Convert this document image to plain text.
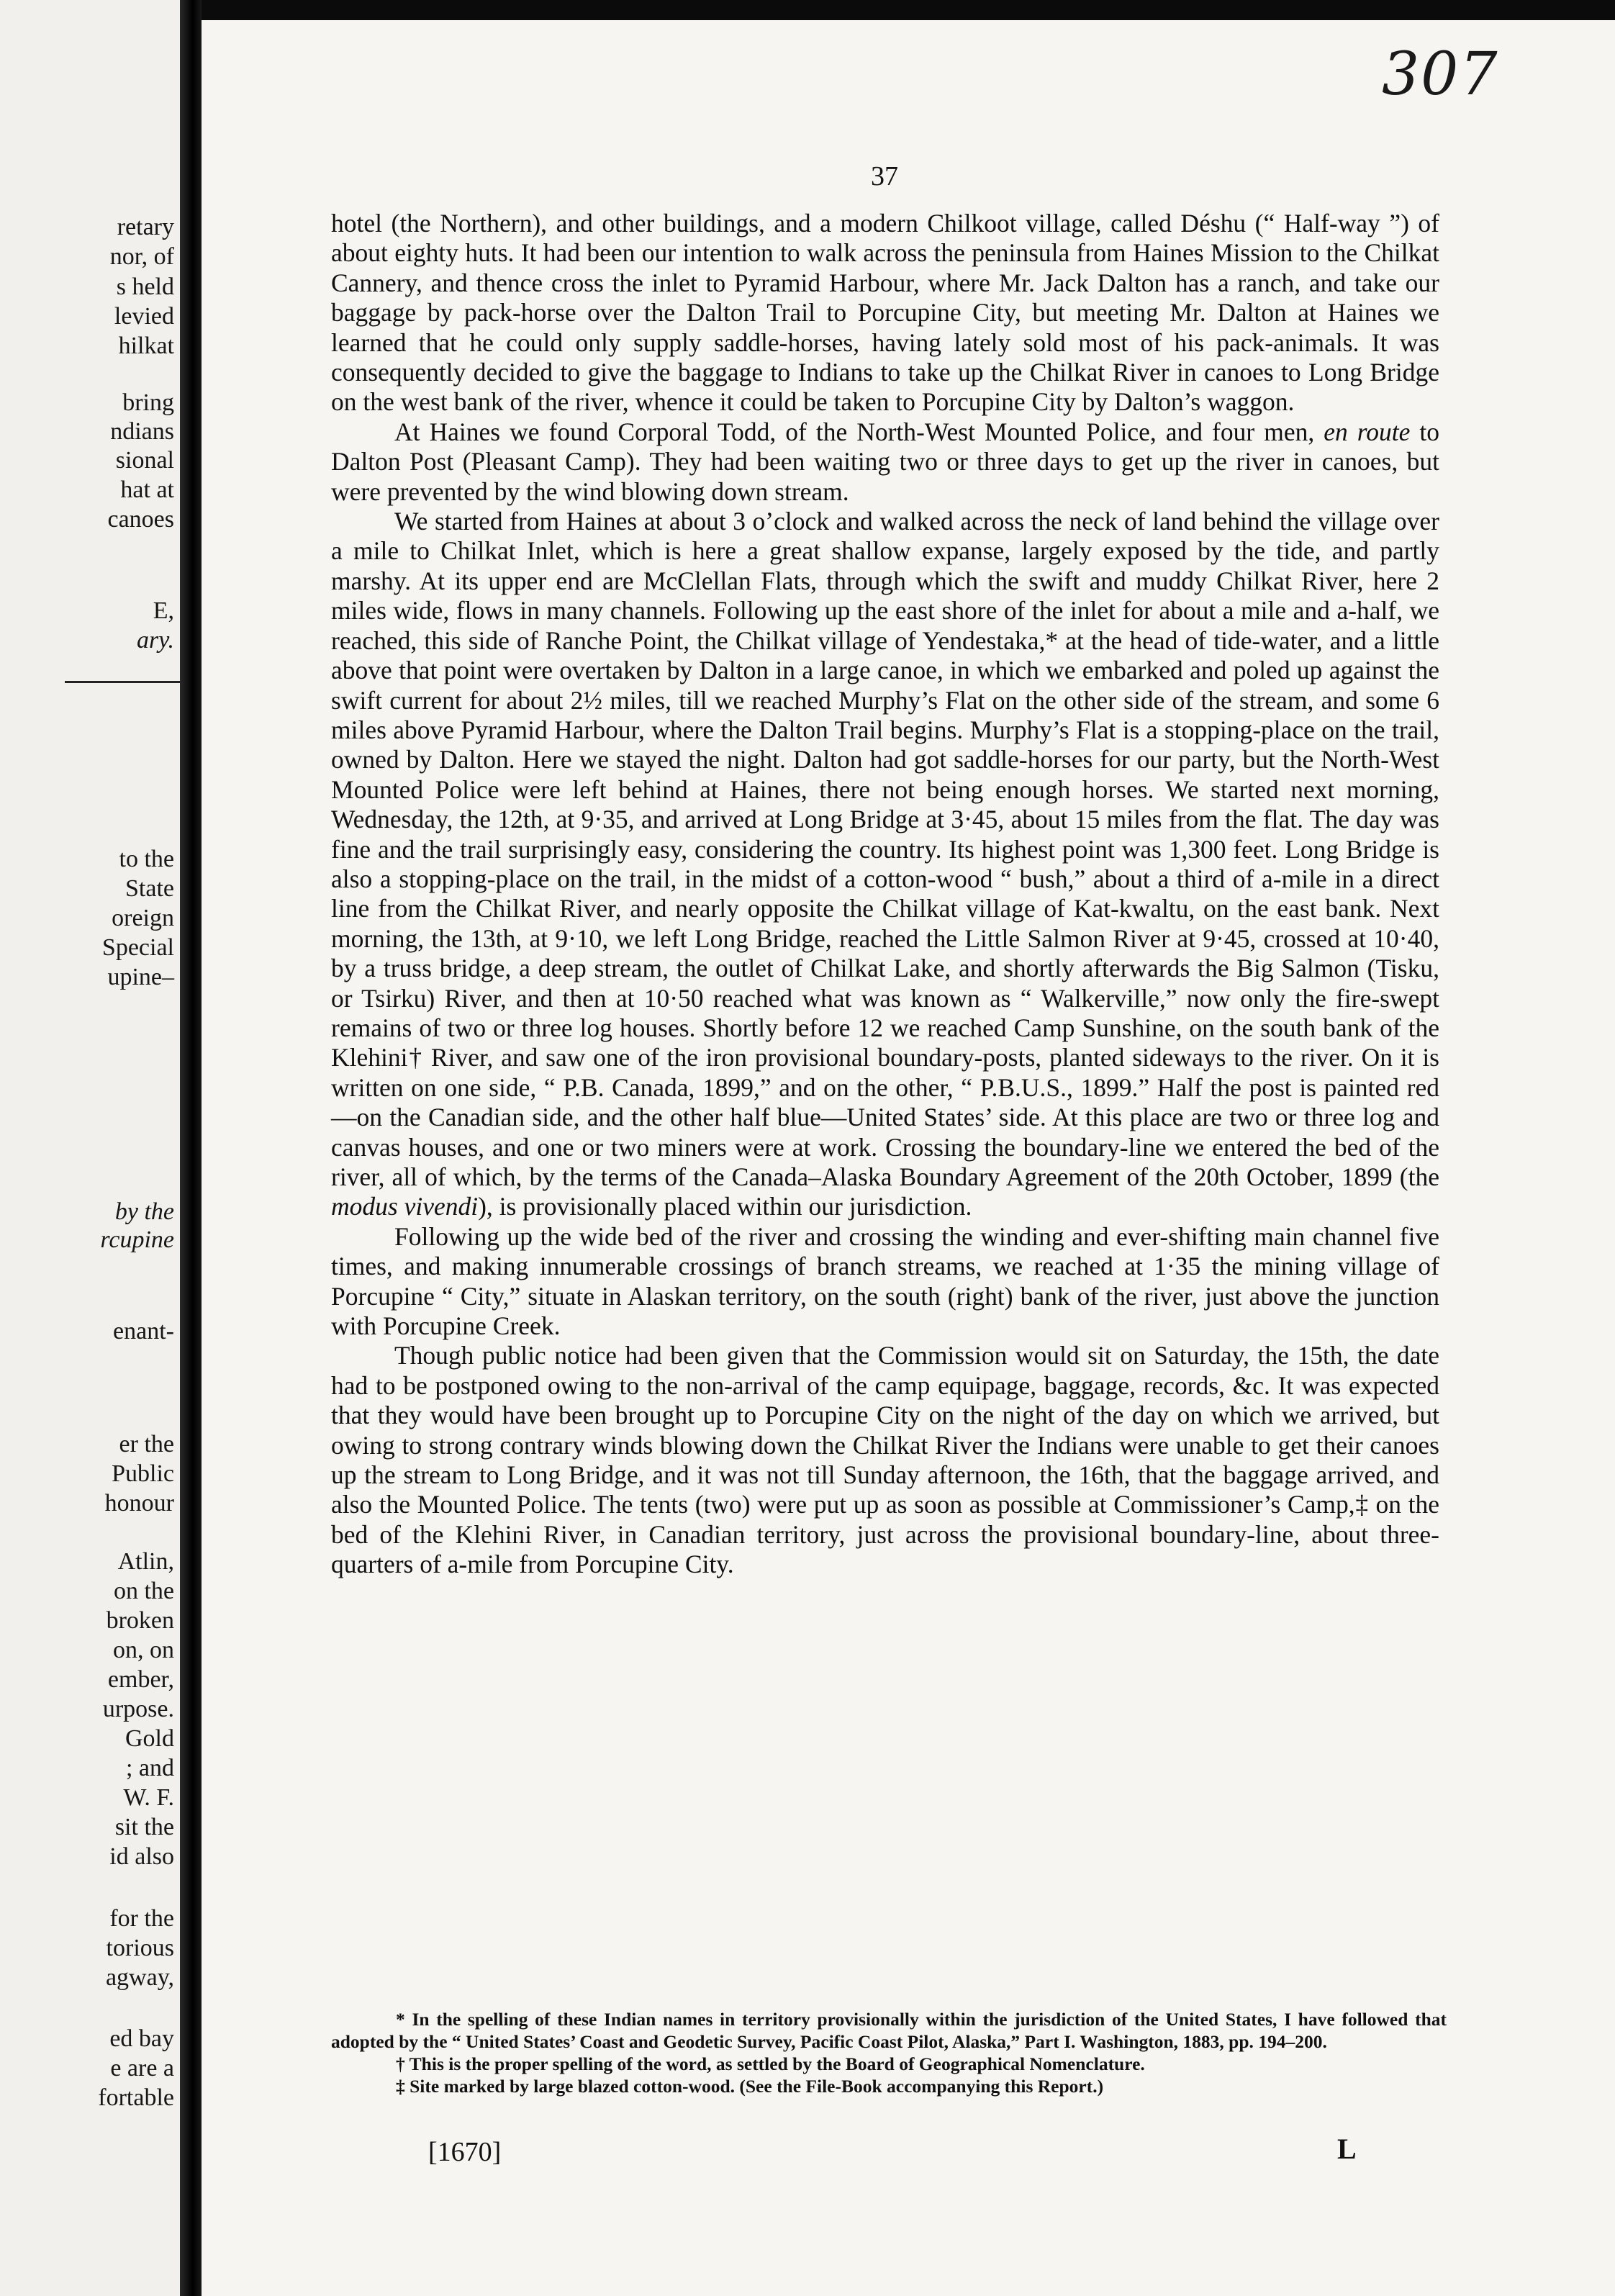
retary
nor, of
s held
levied
hilkat
bring
ndians
sional
hat at
canoes
E,
ary.
to the
State
oreign
Special
upine–
by the
rcupine
enant-
er the
Public
honour
Atlin,
on the
broken
on, on
ember,
urpose.
Gold
; and
W. F.
sit the
id also
for the
torious
agway,
ed bay
e are a
fortable
307
37

hotel (the Northern), and other buildings, and a modern Chilkoot village, called Déshu (“ Half-way ”) of about eighty huts. It had been our intention to walk across the peninsula from Haines Mission to the Chilkat Cannery, and thence cross the inlet to Pyramid Harbour, where Mr. Jack Dalton has a ranch, and take our baggage by pack-horse over the Dalton Trail to Porcupine City, but meeting Mr. Dalton at Haines we learned that he could only supply saddle-horses, having lately sold most of his pack-animals. It was consequently decided to give the baggage to Indians to take up the Chilkat River in canoes to Long Bridge on the west bank of the river, whence it could be taken to Porcupine City by Dalton’s waggon.

At Haines we found Corporal Todd, of the North-West Mounted Police, and four men, en route to Dalton Post (Pleasant Camp). They had been waiting two or three days to get up the river in canoes, but were prevented by the wind blowing down stream.

We started from Haines at about 3 o’clock and walked across the neck of land behind the village over a mile to Chilkat Inlet, which is here a great shallow expanse, largely exposed by the tide, and partly marshy. At its upper end are McClellan Flats, through which the swift and muddy Chilkat River, here 2 miles wide, flows in many channels. Following up the east shore of the inlet for about a mile and a-half, we reached, this side of Ranche Point, the Chilkat village of Yendestaka,* at the head of tide-water, and a little above that point were overtaken by Dalton in a large canoe, in which we embarked and poled up against the swift current for about 2½ miles, till we reached Murphy’s Flat on the other side of the stream, and some 6 miles above Pyramid Harbour, where the Dalton Trail begins. Murphy’s Flat is a stopping-place on the trail, owned by Dalton. Here we stayed the night. Dalton had got saddle-horses for our party, but the North-West Mounted Police were left behind at Haines, there not being enough horses. We started next morning, Wednesday, the 12th, at 9·35, and arrived at Long Bridge at 3·45, about 15 miles from the flat. The day was fine and the trail surprisingly easy, considering the country. Its highest point was 1,300 feet. Long Bridge is also a stopping-place on the trail, in the midst of a cotton-wood “ bush,” about a third of a-mile in a direct line from the Chilkat River, and nearly opposite the Chilkat village of Kat-kwaltu, on the east bank. Next morning, the 13th, at 9·10, we left Long Bridge, reached the Little Salmon River at 9·45, crossed at 10·40, by a truss bridge, a deep stream, the outlet of Chilkat Lake, and shortly afterwards the Big Salmon (Tisku, or Tsirku) River, and then at 10·50 reached what was known as “ Walkerville,” now only the fire-swept remains of two or three log houses. Shortly before 12 we reached Camp Sunshine, on the south bank of the Klehini† River, and saw one of the iron provisional boundary-posts, planted sideways to the river. On it is written on one side, “ P.B. Canada, 1899,” and on the other, “ P.B.U.S., 1899.” Half the post is painted red—on the Canadian side, and the other half blue—United States’ side. At this place are two or three log and canvas houses, and one or two miners were at work. Crossing the boundary-line we entered the bed of the river, all of which, by the terms of the Canada–Alaska Boundary Agreement of the 20th October, 1899 (the modus vivendi), is provisionally placed within our jurisdiction.

Following up the wide bed of the river and crossing the winding and ever-shifting main channel five times, and making innumerable crossings of branch streams, we reached at 1·35 the mining village of Porcupine “ City,” situate in Alaskan territory, on the south (right) bank of the river, just above the junction with Porcupine Creek.

Though public notice had been given that the Commission would sit on Saturday, the 15th, the date had to be postponed owing to the non-arrival of the camp equipage, baggage, records, &c. It was expected that they would have been brought up to Porcupine City on the night of the day on which we arrived, but owing to strong contrary winds blowing down the Chilkat River the Indians were unable to get their canoes up the stream to Long Bridge, and it was not till Sunday afternoon, the 16th, that the baggage arrived, and also the Mounted Police. The tents (two) were put up as soon as possible at Commissioner’s Camp,‡ on the bed of the Klehini River, in Canadian territory, just across the provisional boundary-line, about three-quarters of a-mile from Porcupine City.

* In the spelling of these Indian names in territory provisionally within the jurisdiction of the United States, I have followed that adopted by the “ United States’ Coast and Geodetic Survey, Pacific Coast Pilot, Alaska,” Part I. Washington, 1883, pp. 194–200.

† This is the proper spelling of the word, as settled by the Board of Geographical Nomenclature.

‡ Site marked by large blazed cotton-wood. (See the File-Book accompanying this Report.)

[1670]	L
